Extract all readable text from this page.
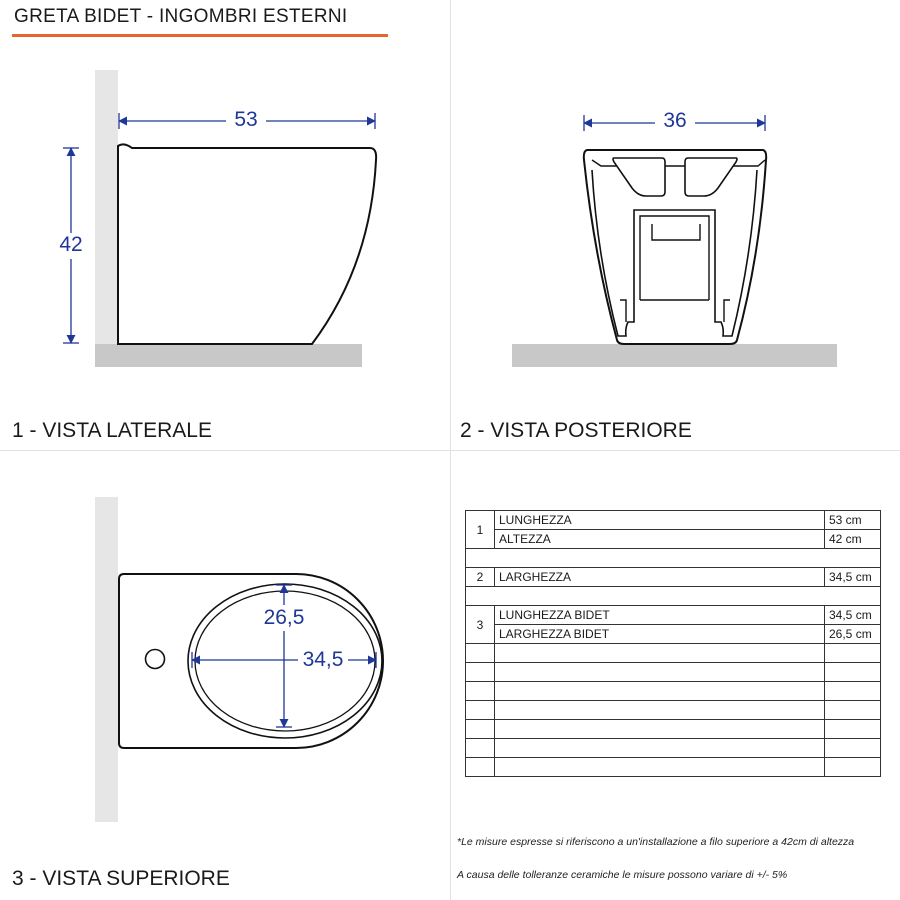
GRETA BIDET - INGOMBRI ESTERNI
53
42
36
26,5
34,5
1 - VISTA LATERALE	2 - VISTA POSTERIORE
3 - VISTA SUPERIORE
1	LUNGHEZZA	53 cm
	ALTEZZA	42 cm

2	LARGHEZZA	34,5 cm

3	LUNGHEZZA BIDET	34,5 cm
	LARGHEZZA BIDET	26,5 cm

*Le misure espresse si riferiscono a un'installazione a filo superiore a 42cm di altezza
A causa delle tolleranze ceramiche le misure possono variare di +/- 5%
